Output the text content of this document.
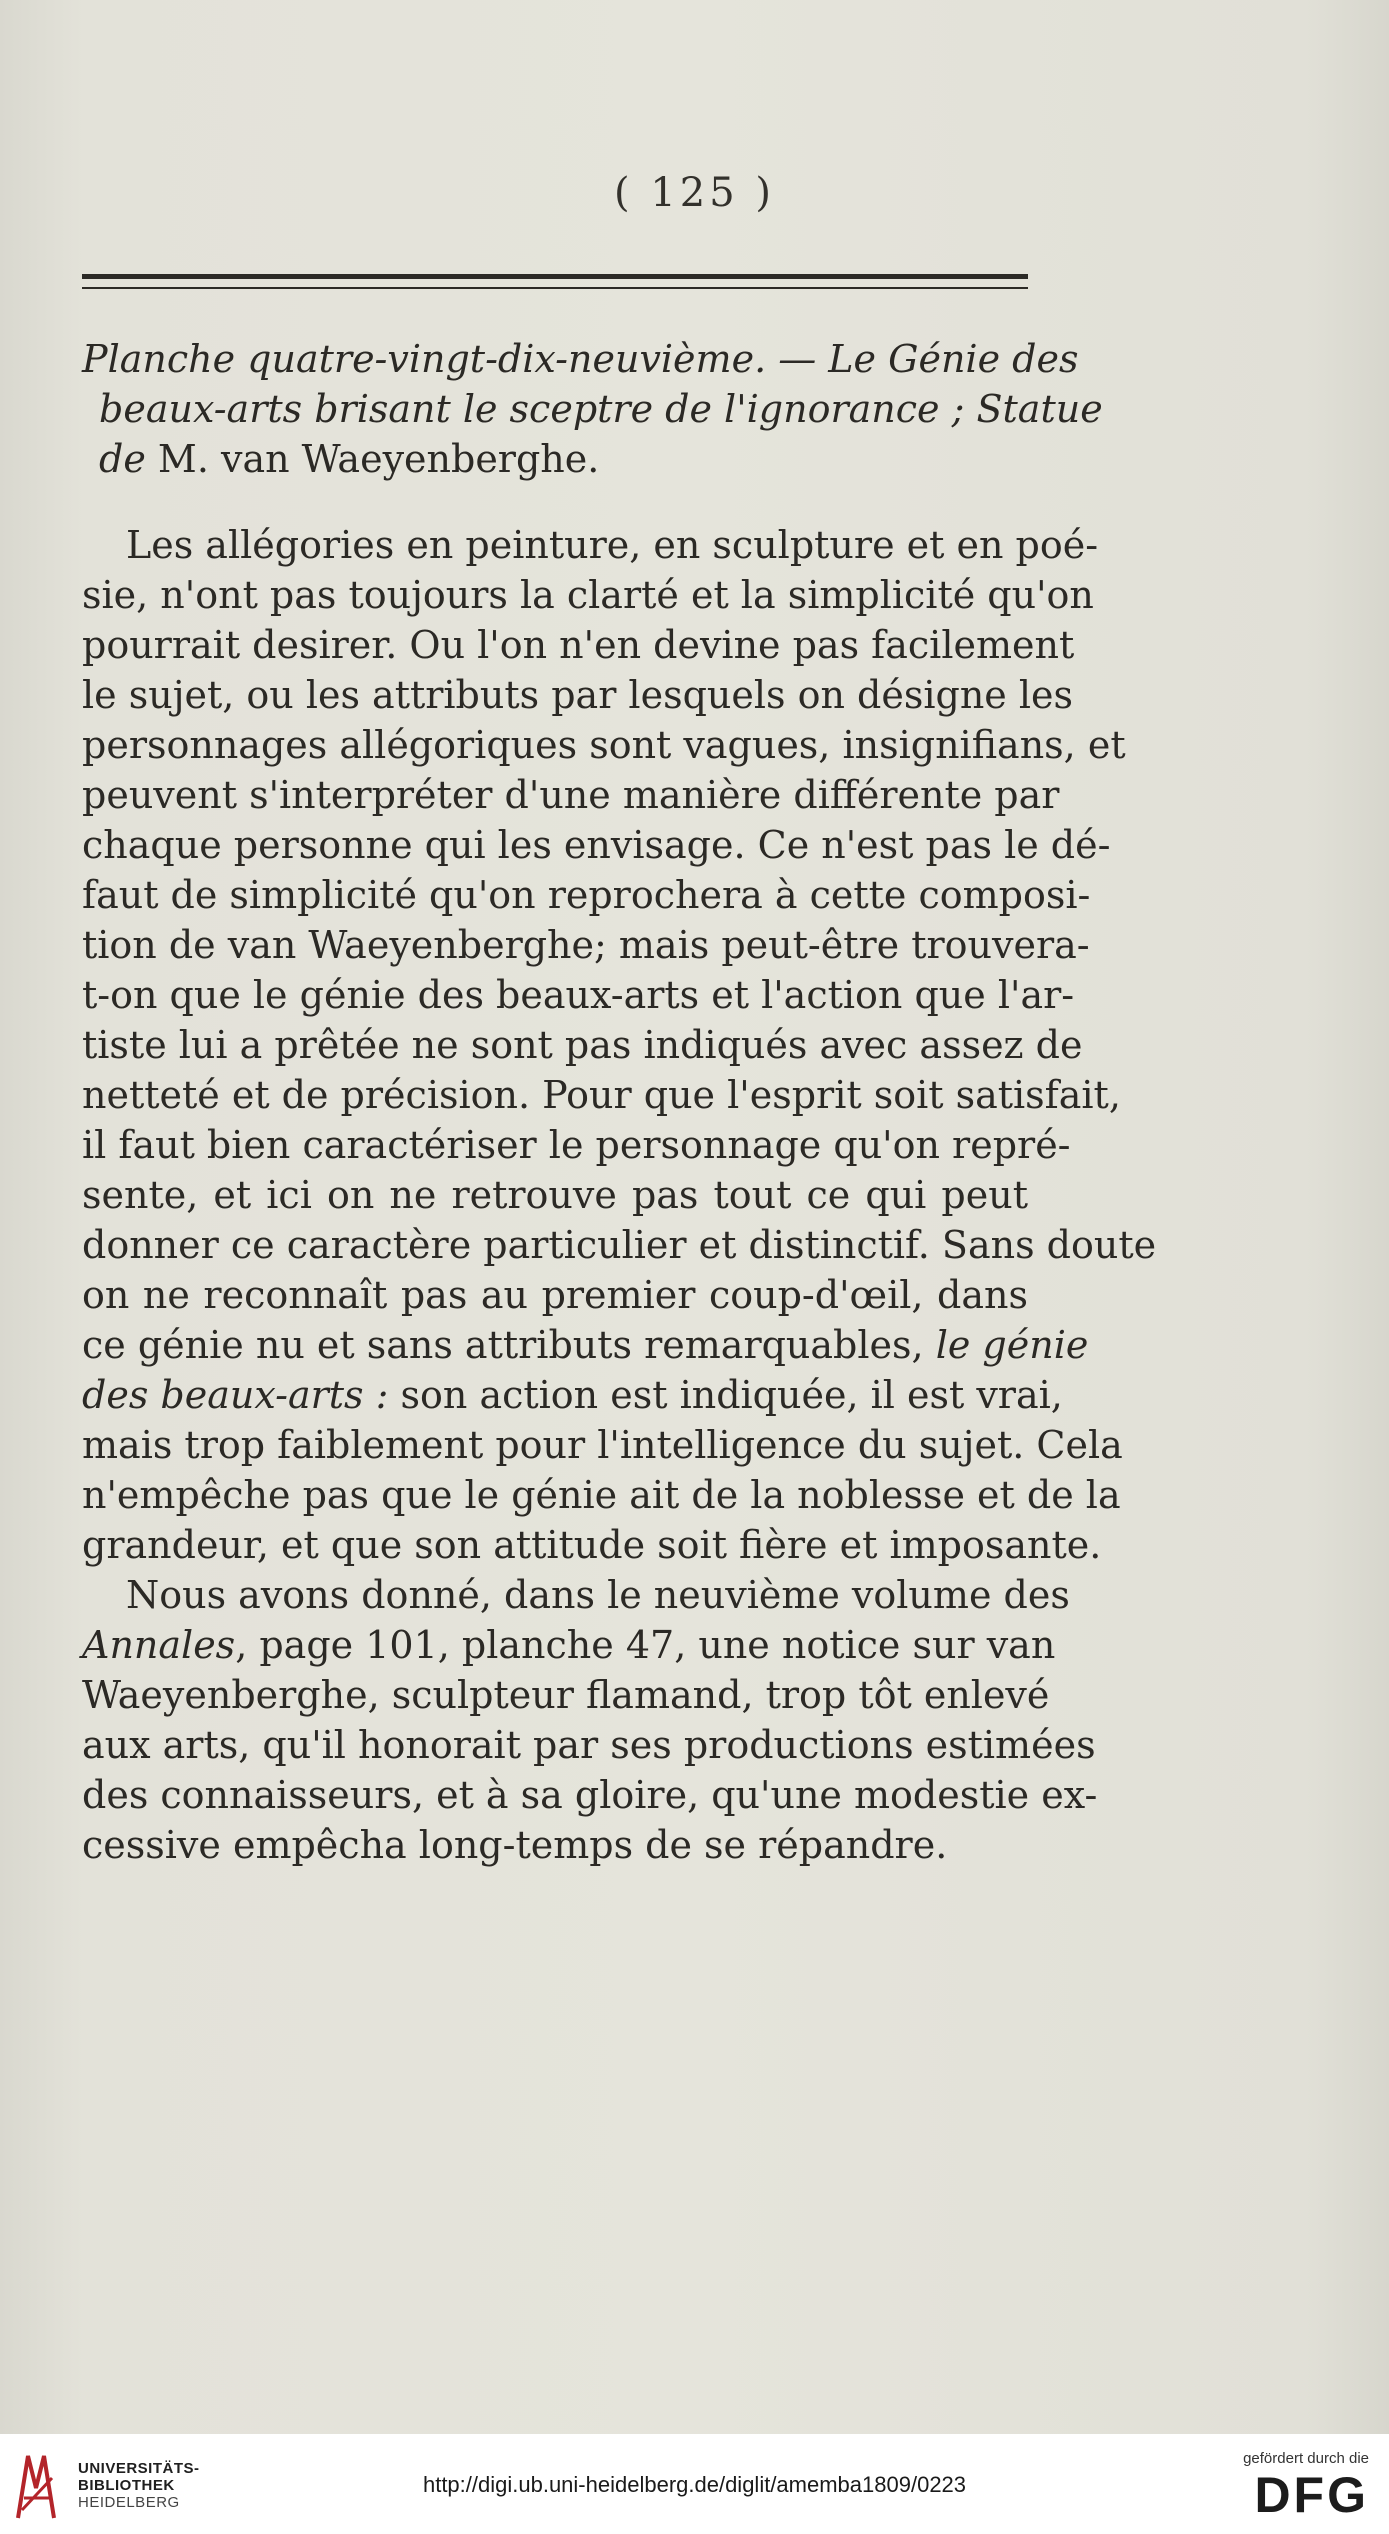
( 125 )
Planche quatre-vingt-dix-neuvième. — Le Génie des
beaux-arts brisant le sceptre de l'ignorance ; Statue
de M. van Waeyenberghe.
Les allégories en peinture, en sculpture et en poé-
sie, n'ont pas toujours la clarté et la simplicité qu'on
pourrait desirer. Ou l'on n'en devine pas facilement
le sujet, ou les attributs par lesquels on désigne les
personnages allégoriques sont vagues, insignifians, et
peuvent s'interpréter d'une manière différente par
chaque personne qui les envisage. Ce n'est pas le dé-
faut de simplicité qu'on reprochera à cette composi-
tion de van Waeyenberghe; mais peut-être trouvera-
t-on que le génie des beaux-arts et l'action que l'ar-
tiste lui a prêtée ne sont pas indiqués avec assez de
netteté et de précision. Pour que l'esprit soit satisfait,
il faut bien caractériser le personnage qu'on repré-
sente, et ici on ne retrouve pas tout ce qui peut
donner ce caractère particulier et distinctif. Sans doute
on ne reconnaît pas au premier coup-d'œil, dans
ce génie nu et sans attributs remarquables, le génie
des beaux-arts : son action est indiquée, il est vrai,
mais trop faiblement pour l'intelligence du sujet. Cela
n'empêche pas que le génie ait de la noblesse et de la
grandeur, et que son attitude soit fière et imposante.
Nous avons donné, dans le neuvième volume des
Annales, page 101, planche 47, une notice sur van
Waeyenberghe, sculpteur flamand, trop tôt enlevé
aux arts, qu'il honorait par ses productions estimées
des connaisseurs, et à sa gloire, qu'une modestie ex-
cessive empêcha long-temps de se répandre.
UNIVERSITÄTS-
BIBLIOTHEK
HEIDELBERG
http://digi.ub.uni-heidelberg.de/diglit/amemba1809/0223
gefördert durch die
DFG
